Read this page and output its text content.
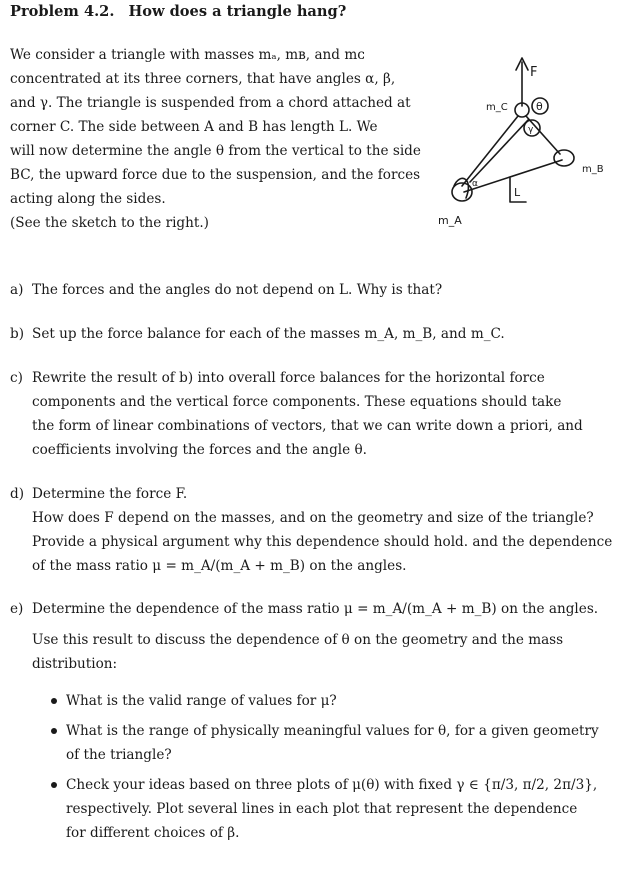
Problem 4.2. How does a triangle hang?
We consider a triangle with masses mₐ, mʙ, and mᴄ
concentrated at its three corners, that have angles α, β,
and γ. The triangle is suspended from a chord attached at
corner C. The side between A and B has length L. We
will now determine the angle θ from the vertical to the side
BC, the upward force due to the suspension, and the forces
acting along the sides.
(See the sketch to the right.)
F
m_C	θ
γ
m_B
α
L
m_A
a) The forces and the angles do not depend on L. Why is that?
b) Set up the force balance for each of the masses m_A, m_B, and m_C.
c) Rewrite the result of b) into overall force balances for the horizontal force
components and the vertical force components. These equations should take
the form of linear combinations of vectors, that we can write down a priori, and
coefficients involving the forces and the angle θ.
d) Determine the force F.
How does F depend on the masses, and on the geometry and size of the triangle?
Provide a physical argument why this dependence should hold. and the dependence
of the mass ratio μ = m_A/(m_A + m_B) on the angles.
e) Determine the dependence of the mass ratio μ = m_A/(m_A + m_B) on the angles.
Use this result to discuss the dependence of θ on the geometry and the mass
distribution:
What is the valid range of values for μ?
What is the range of physically meaningful values for θ, for a given geometry
of the triangle?
Check your ideas based on three plots of μ(θ) with fixed γ ∈ {π/3, π/2, 2π/3},
respectively. Plot several lines in each plot that represent the dependence
for different choices of β.
